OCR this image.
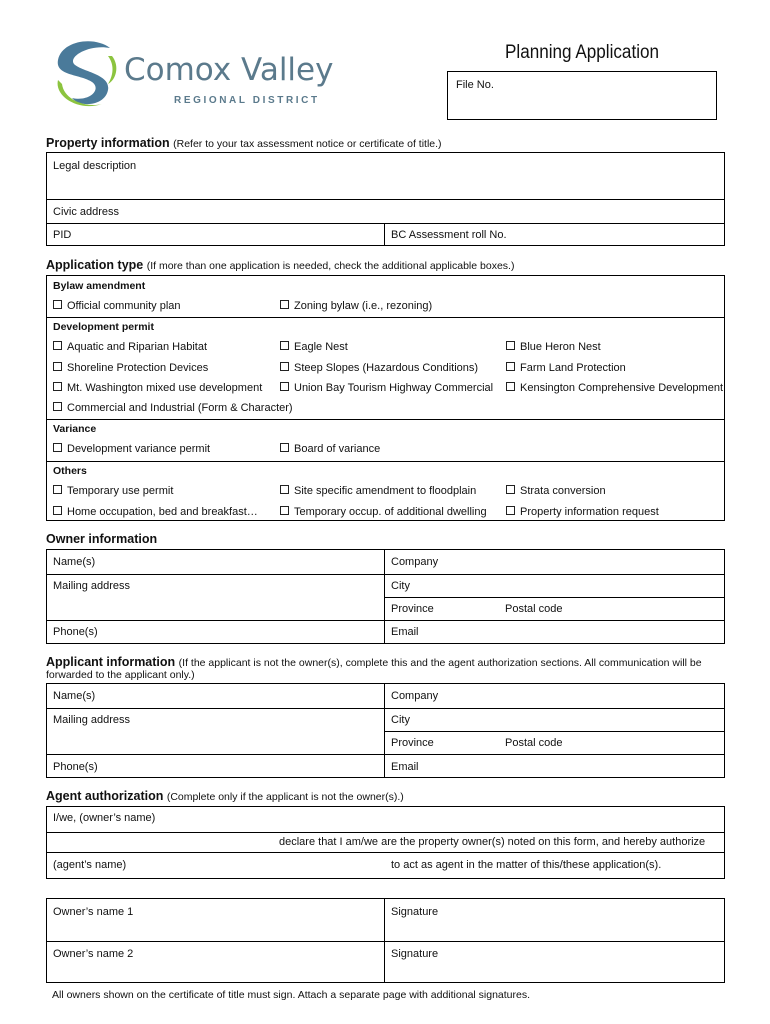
Comox Valley
REGIONAL DISTRICT
Planning Application
File No.
Property information (Refer to your tax assessment notice or certificate of title.)
Legal description
Civic address
PID	BC Assessment roll No.
Application type (If more than one application is needed, check the additional applicable boxes.)
Bylaw amendment
Official community plan	Zoning bylaw (i.e., rezoning)
Development permit
Aquatic and Riparian Habitat	Eagle Nest	Blue Heron Nest
Shoreline Protection Devices	Steep Slopes (Hazardous Conditions)	Farm Land Protection
Mt. Washington mixed use development	Union Bay Tourism Highway Commercial	Kensington Comprehensive Development
Commercial and Industrial (Form & Character)
Variance
Development variance permit	Board of variance
Others
Temporary use permit	Site specific amendment to floodplain	Strata conversion
Home occupation, bed and breakfast…	Temporary occup. of additional dwelling	Property information request
Owner information
Name(s)	Company
Mailing address	City
Province	Postal code
Phone(s)	Email
Applicant information (If the applicant is not the owner(s), complete this and the agent authorization sections. All communication will be
forwarded to the applicant only.)
Name(s)	Company
Mailing address	City
Province	Postal code
Phone(s)	Email
Agent authorization (Complete only if the applicant is not the owner(s).)
I/we, (owner’s name)
declare that I am/we are the property owner(s) noted on this form, and hereby authorize
(agent’s name)	to act as agent in the matter of this/these application(s).
Owner’s name 1	Signature
Owner’s name 2	Signature
All owners shown on the certificate of title must sign. Attach a separate page with additional signatures.
